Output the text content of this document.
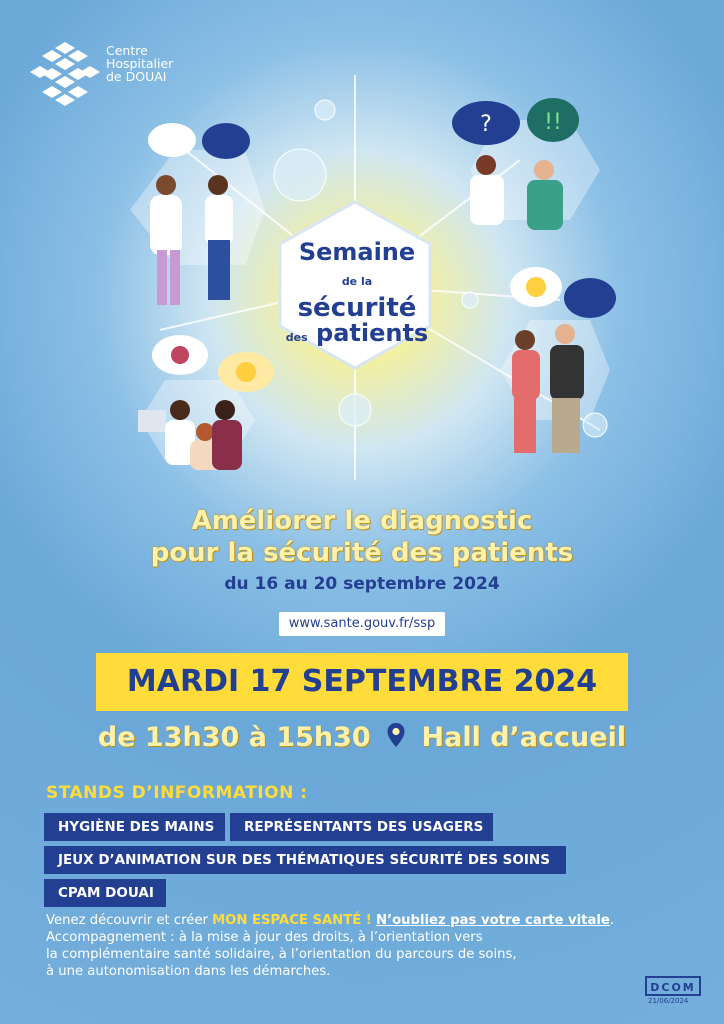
? !!
Semaine
de la sécurité
des patients
Centre
Hospitalier
de DOUAI
Améliorer le diagnostic
pour la sécurité des patients
du 16 au 20 septembre 2024
www.sante.gouv.fr/ssp
MARDI 17 SEPTEMBRE 2024
de 13h30 à 15h30 Hall d’accueil
STANDS D’INFORMATION :
HYGIÈNE DES MAINS	REPRÉSENTANTS DES USAGERS
JEUX D’ANIMATION SUR DES THÉMATIQUES SÉCURITÉ DES SOINS
CPAM DOUAI
Venez découvrir et créer MON ESPACE SANTÉ ! N’oubliez pas votre carte vitale.
Accompagnement : à la mise à jour des droits, à l’orientation vers
la complémentaire santé solidaire, à l’orientation du parcours de soins,
à une autonomisation dans les démarches.
DCOM
21/06/2024
